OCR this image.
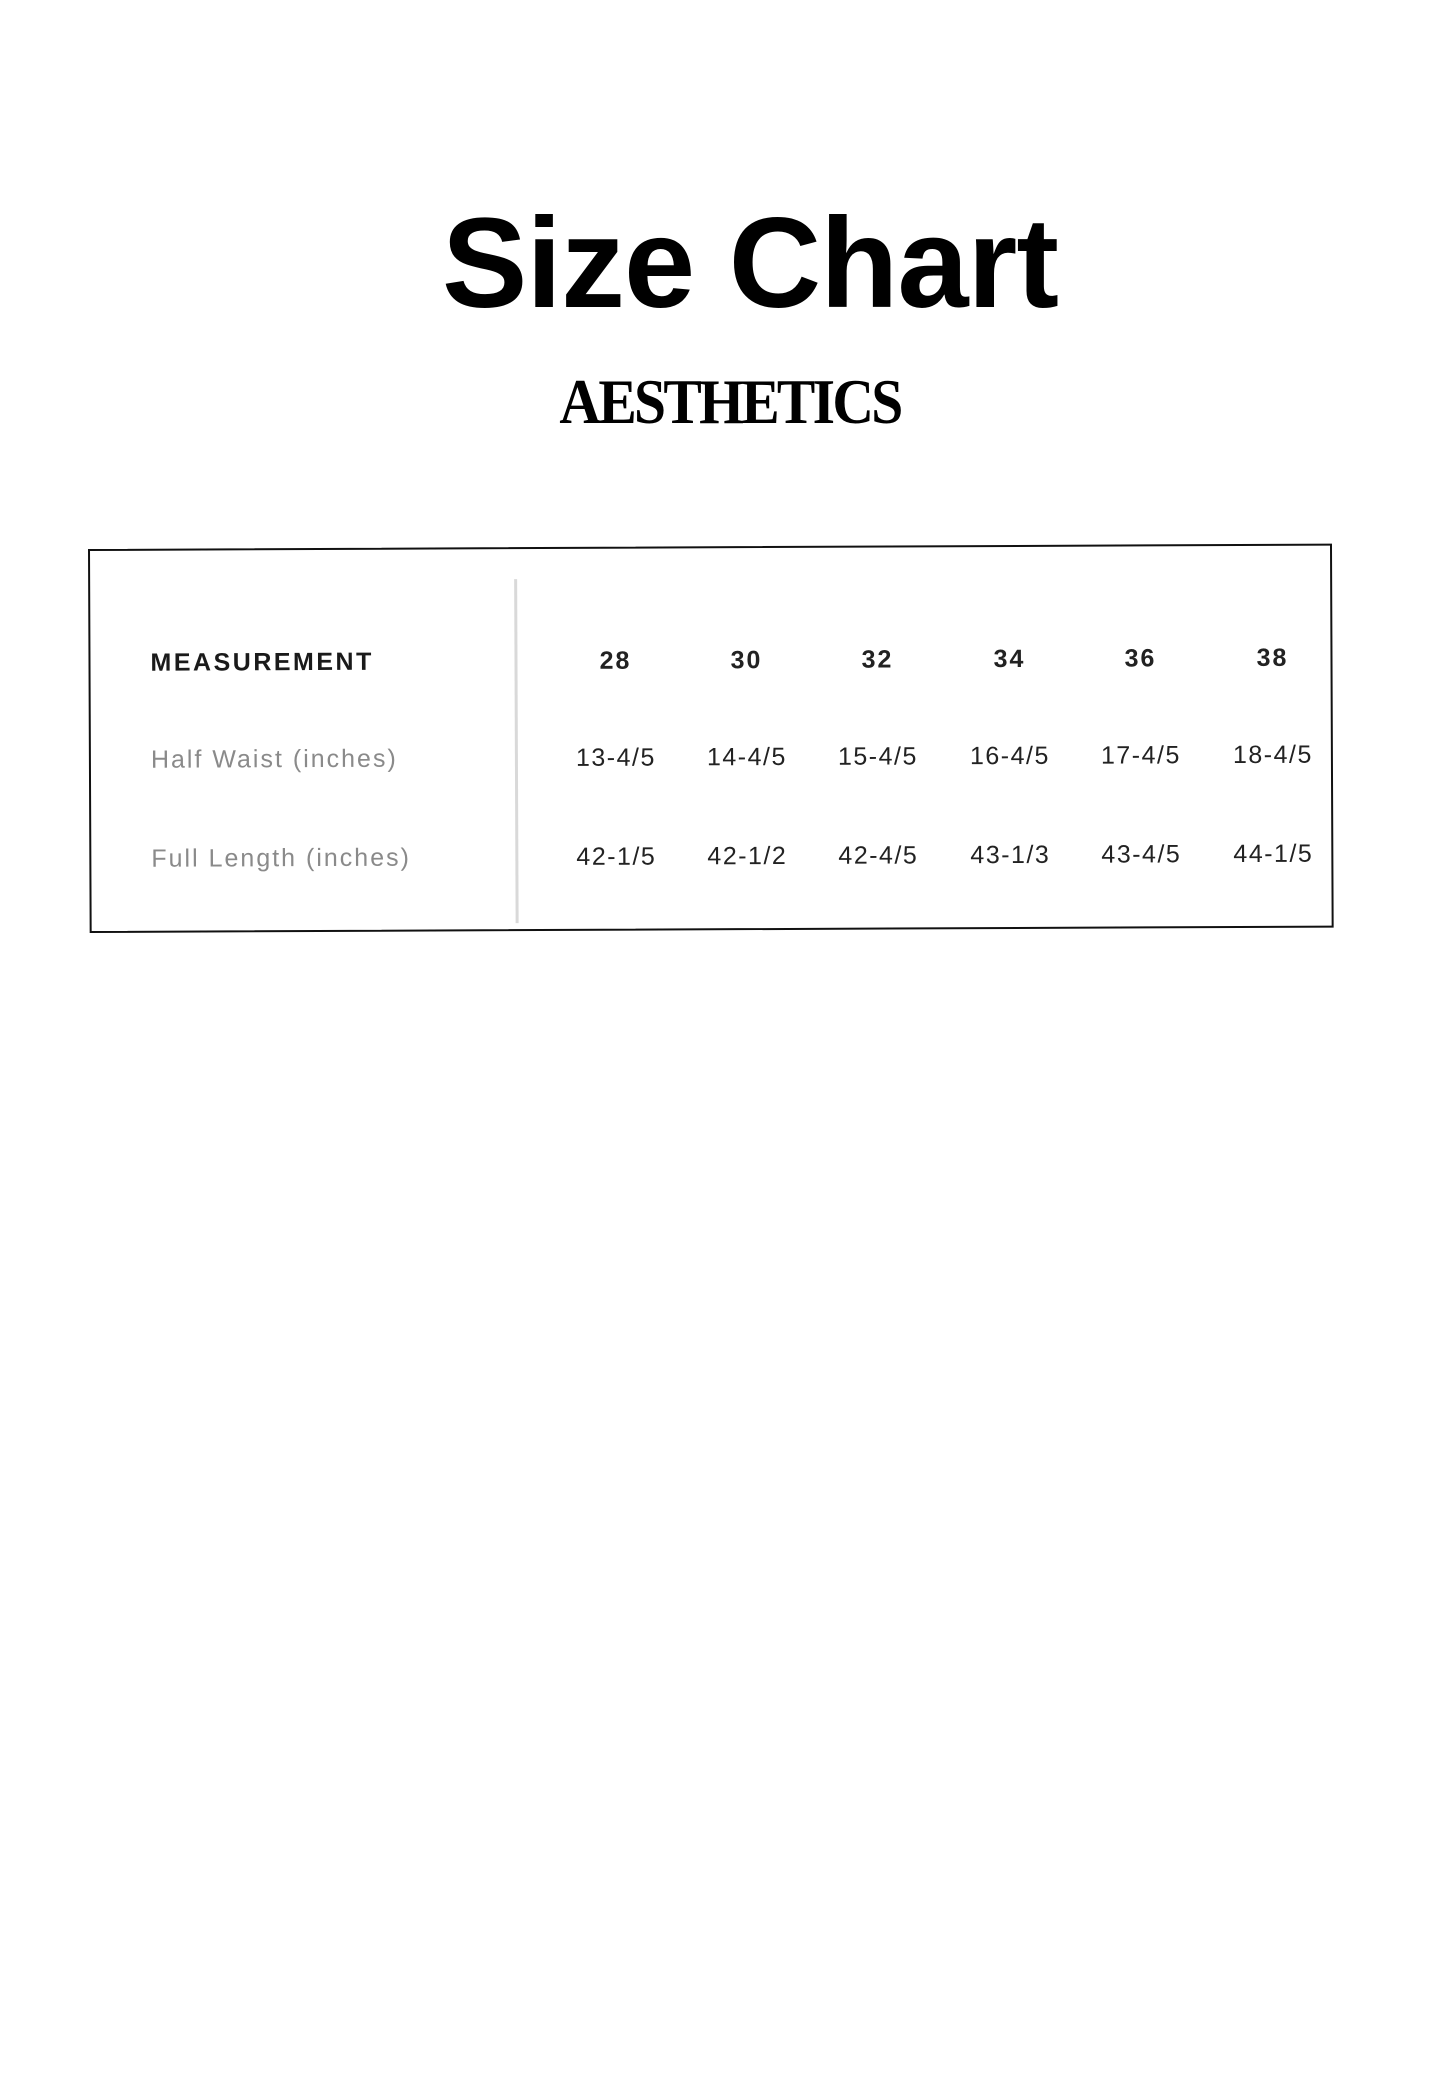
Size Chart
AESTHETICS
MEASUREMENT	28	30	32	34	36	38
Half Waist (inches)	13-4/5	14-4/5	15-4/5	16-4/5	17-4/5	18-4/5
Full Length (inches)	42-1/5	42-1/2	42-4/5	43-1/3	43-4/5	44-1/5
